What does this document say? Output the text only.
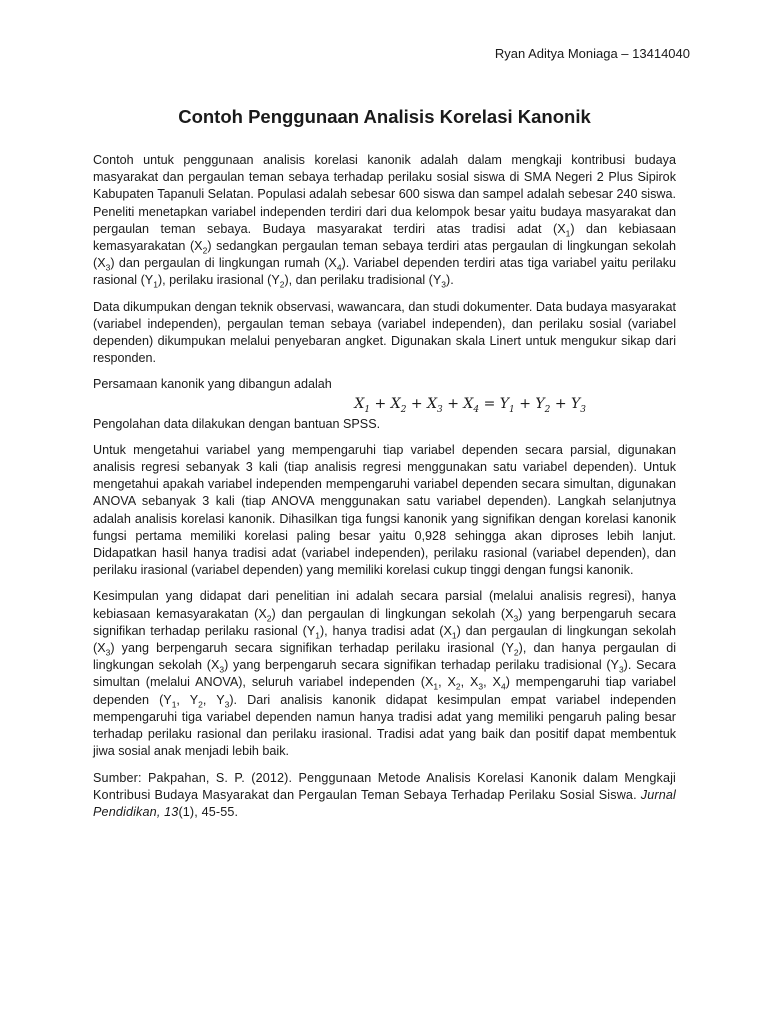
Ryan Aditya Moniaga – 13414040
Contoh Penggunaan Analisis Korelasi Kanonik

Contoh untuk penggunaan analisis korelasi kanonik adalah dalam mengkaji kontribusi budaya masyarakat dan pergaulan teman sebaya terhadap perilaku sosial siswa di SMA Negeri 2 Plus Sipirok Kabupaten Tapanuli Selatan. Populasi adalah sebesar 600 siswa dan sampel adalah sebesar 240 siswa. Peneliti menetapkan variabel independen terdiri dari dua kelompok besar yaitu budaya masyarakat dan pergaulan teman sebaya. Budaya masyarakat terdiri atas tradisi adat $(X_1)$ dan kebiasaan kemasyarakatan $(X_2)$ sedangkan pergaulan teman sebaya terdiri atas pergaulan di lingkungan sekolah $(X_3)$ dan pergaulan di lingkungan rumah $(X_4)$. Variabel dependen terdiri atas tiga variabel yaitu perilaku rasional $(Y_1)$, perilaku irasional $(Y_2)$, dan perilaku tradisional $(Y_3)$.

Data dikumpukan dengan teknik observasi, wawancara, dan studi dokumenter. Data budaya masyarakat (variabel independen), pergaulan teman sebaya (variabel independen), dan perilaku sosial (variabel dependen) dikumpukan melalui penyebaran angket. Digunakan skala Linert untuk mengukur sikap dari responden.

Persamaan kanonik yang dibangun adalah

$X_1 + X_2 + X_3 + X_4 = Y_1 + Y_2 + Y_3$

Pengolahan data dilakukan dengan bantuan SPSS.

Untuk mengetahui variabel yang mempengaruhi tiap variabel dependen secara parsial, digunakan analisis regresi sebanyak 3 kali (tiap analisis regresi menggunakan satu variabel dependen). Untuk mengetahui apakah variabel independen mempengaruhi variabel dependen secara simultan, digunakan ANOVA sebanyak 3 kali (tiap ANOVA menggunakan satu variabel dependen). Langkah selanjutnya adalah analisis korelasi kanonik. Dihasilkan tiga fungsi kanonik yang signifikan dengan korelasi kanonik fungsi pertama memiliki korelasi paling besar yaitu 0,928 sehingga akan diproses lebih lanjut. Didapatkan hasil hanya tradisi adat (variabel independen), perilaku rasional (variabel dependen), dan perilaku irasional (variabel dependen) yang memiliki korelasi cukup tinggi dengan fungsi kanonik.

Kesimpulan yang didapat dari penelitian ini adalah secara parsial (melalui analisis regresi), hanya kebiasaan kemasyarakatan $(X_2)$ dan pergaulan di lingkungan sekolah $(X_3)$ yang berpengaruh secara signifikan terhadap perilaku rasional $(Y_1)$, hanya tradisi adat $(X_1)$ dan pergaulan di lingkungan sekolah $(X_3)$ yang berpengaruh secara signifikan terhadap perilaku irasional $(Y_2)$, dan hanya pergaulan di lingkungan sekolah $(X_3)$ yang berpengaruh secara signifikan terhadap perilaku tradisional $(Y_3)$. Secara simultan (melalui ANOVA), seluruh variabel independen ($X_1$, $X_2$, $X_3$, $X_4$) mempengaruhi tiap variabel dependen ($Y_1$, $Y_2$, $Y_3$). Dari analisis kanonik didapat kesimpulan empat variabel independen mempengaruhi tiga variabel dependen namun hanya tradisi adat yang memiliki pengaruh paling besar terhadap perilaku rasional dan perilaku irasional. Tradisi adat yang baik dan positif dapat membentuk jiwa sosial anak menjadi lebih baik.

Sumber: Pakpahan, S. P. (2012). Penggunaan Metode Analisis Korelasi Kanonik dalam Mengkaji Kontribusi Budaya Masyarakat dan Pergaulan Teman Sebaya Terhadap Perilaku Sosial Siswa. Jurnal Pendidikan, 13(1), 45-55.
